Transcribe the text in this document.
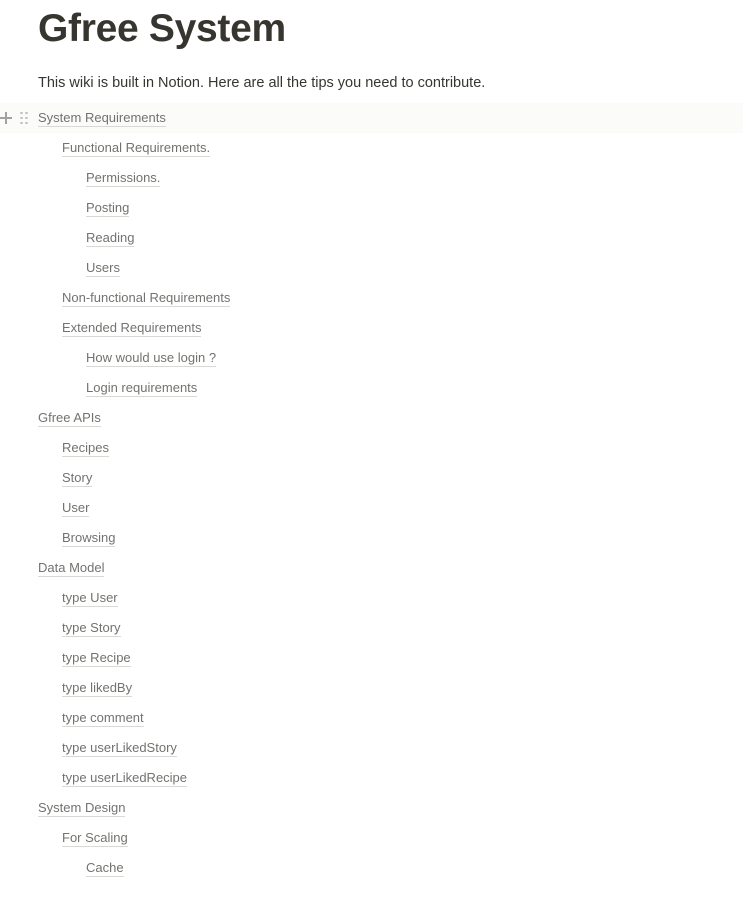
Gfree System
This wiki is built in Notion. Here are all the tips you need to contribute.
System Requirements
Functional Requirements.
Permissions.
Posting
Reading
Users
Non-functional Requirements
Extended Requirements
How would use login ?
Login requirements
Gfree APIs
Recipes
Story
User
Browsing
Data Model
type User
type Story
type Recipe
type likedBy
type comment
type userLikedStory
type userLikedRecipe
System Design
For Scaling
Cache
